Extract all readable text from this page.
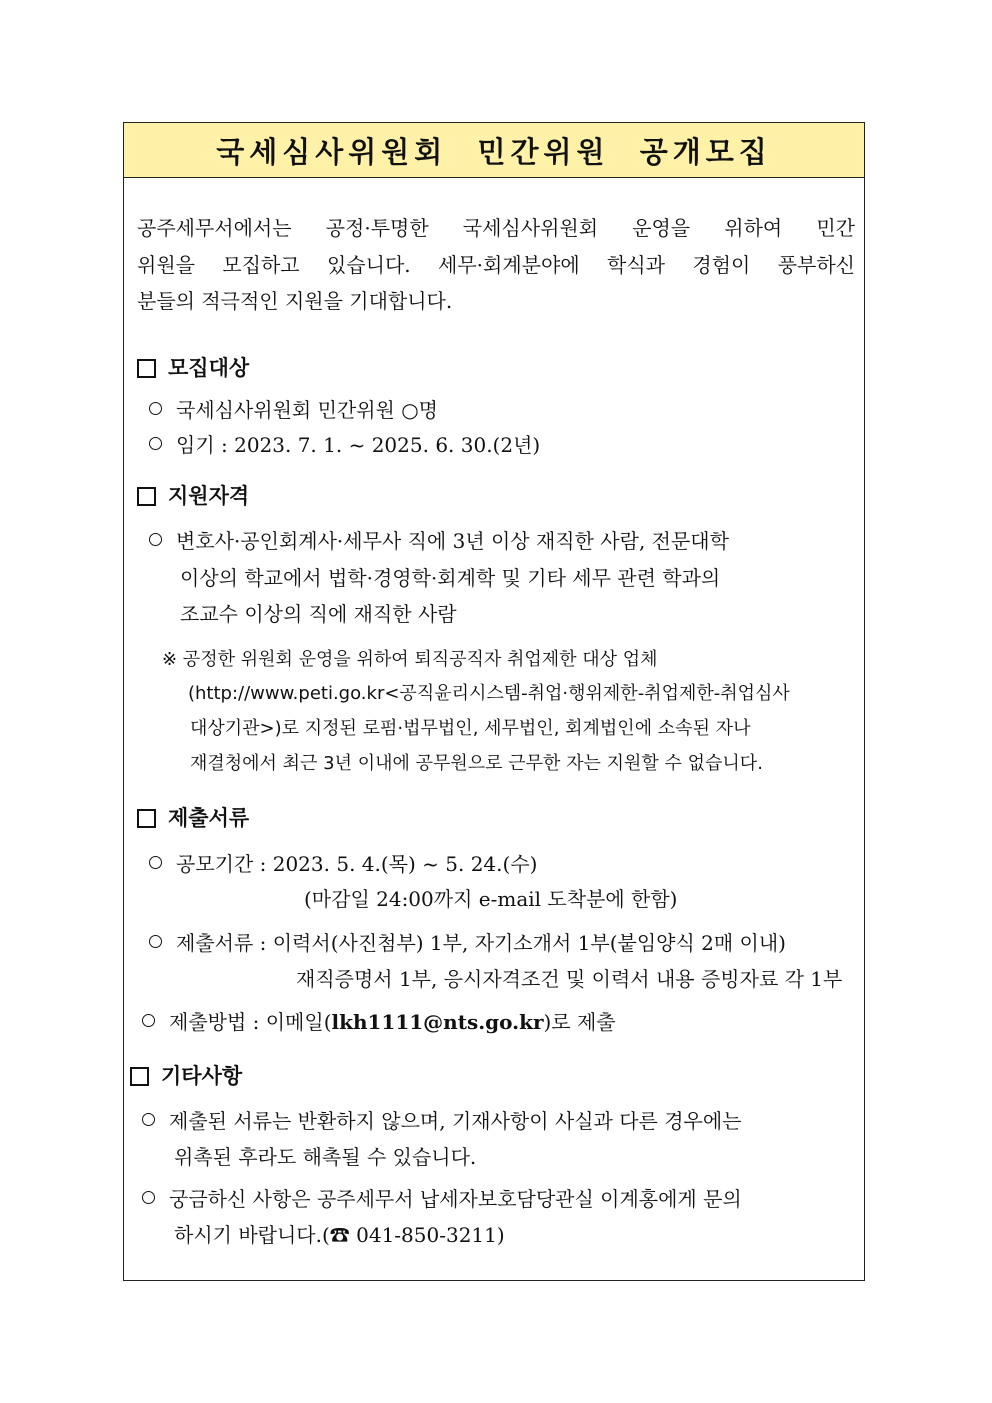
국세심사위원회  민간위원  공개모집
공주세무서에서는 공정·투명한 국세심사위원회 운영을 위하여 민간
위원을 모집하고 있습니다. 세무·회계분야에 학식과 경험이 풍부하신
분들의 적극적인 지원을 기대합니다.
모집대상
국세심사위원회 민간위원 ○명
임기 : 2023. 7. 1. ~ 2025. 6. 30.(2년)
지원자격
변호사·공인회계사·세무사 직에 3년 이상 재직한 사람, 전문대학
이상의 학교에서 법학·경영학·회계학 및 기타 세무 관련 학과의
조교수 이상의 직에 재직한 사람
※ 공정한 위원회 운영을 위하여 퇴직공직자 취업제한 대상 업체
(http://www.peti.go.kr<공직윤리시스템-취업·행위제한-취업제한-취업심사
대상기관>)로 지정된 로펌·법무법인, 세무법인, 회계법인에 소속된 자나
재결청에서 최근 3년 이내에 공무원으로 근무한 자는 지원할 수 없습니다.
제출서류
공모기간 : 2023. 5. 4.(목) ~ 5. 24.(수)
(마감일 24:00까지 e-mail 도착분에 한함)
제출서류 : 이력서(사진첨부) 1부, 자기소개서 1부(붙임양식 2매 이내)
재직증명서 1부, 응시자격조건 및 이력서 내용 증빙자료 각 1부
제출방법 : 이메일(lkh1111@nts.go.kr)로 제출
기타사항
제출된 서류는 반환하지 않으며, 기재사항이 사실과 다른 경우에는
위촉된 후라도 해촉될 수 있습니다.
궁금하신 사항은 공주세무서 납세자보호담당관실 이계홍에게 문의
하시기 바랍니다.(☎ 041-850-3211)
